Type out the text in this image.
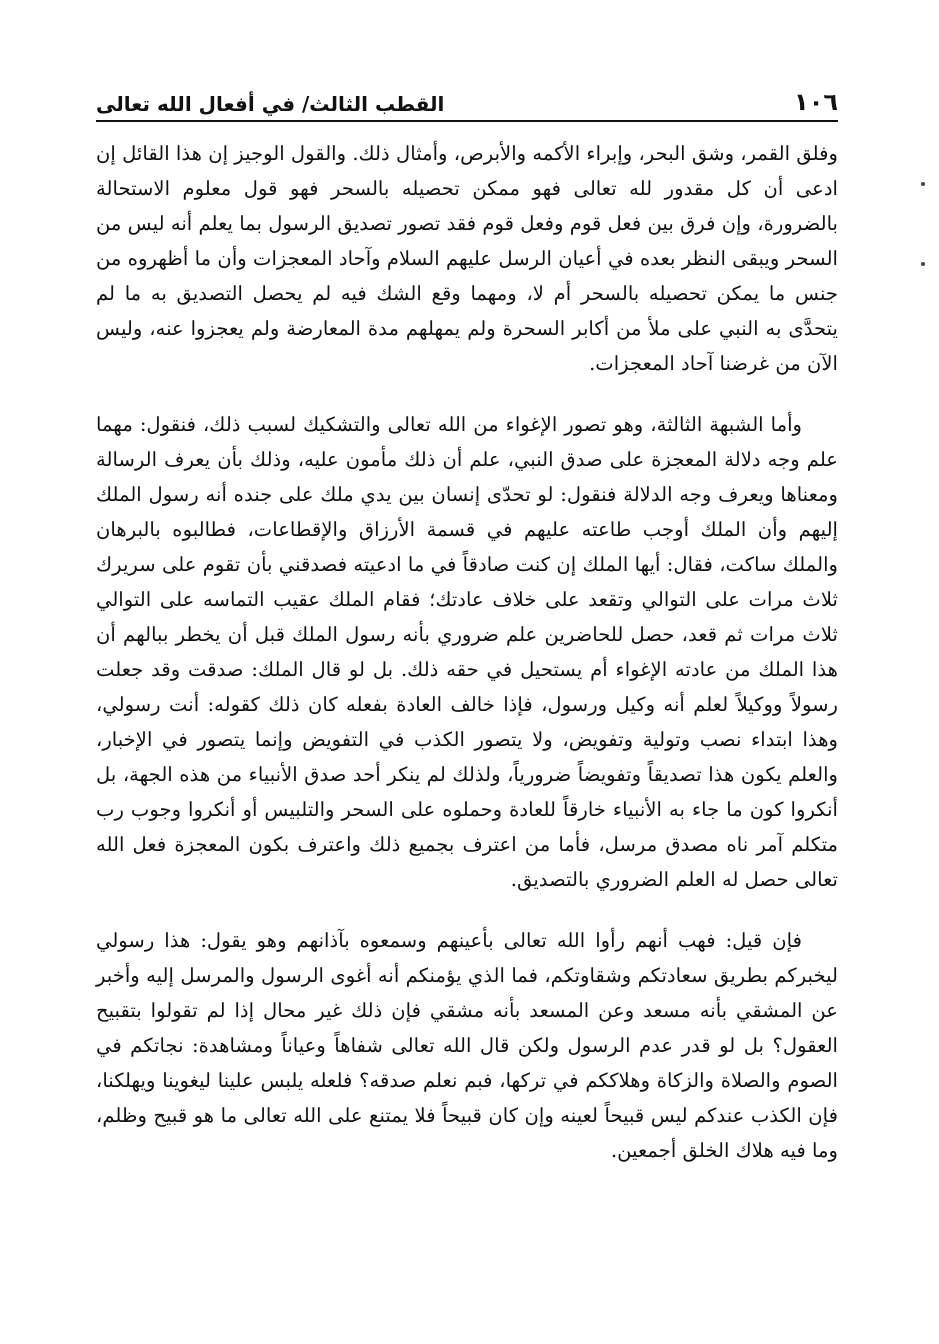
١٠٦
القطب الثالث/ في أفعال الله تعالى

وفلق القمر، وشق البحر، وإبراء الأكمه والأبرص، وأمثال ذلك. والقول الوجيز إن هذا القائل إن ادعى أن كل مقدور لله تعالى فهو ممكن تحصيله بالسحر فهو قول معلوم الاستحالة بالضرورة، وإن فرق بين فعل قوم وفعل قوم فقد تصور تصديق الرسول بما يعلم أنه ليس من السحر ويبقى النظر بعده في أعيان الرسل عليهم السلام وآحاد المعجزات وأن ما أظهروه من جنس ما يمكن تحصيله بالسحر أم لا، ومهما وقع الشك فيه لم يحصل التصديق به ما لم يتحدَّى به النبي على ملأ من أكابر السحرة ولم يمهلهم مدة المعارضة ولم يعجزوا عنه، وليس الآن من غرضنا آحاد المعجزات.

وأما الشبهة الثالثة، وهو تصور الإغواء من الله تعالى والتشكيك لسبب ذلك، فنقول: مهما علم وجه دلالة المعجزة على صدق النبي، علم أن ذلك مأمون عليه، وذلك بأن يعرف الرسالة ومعناها ويعرف وجه الدلالة فنقول: لو تحدّى إنسان بين يدي ملك على جنده أنه رسول الملك إليهم وأن الملك أوجب طاعته عليهم في قسمة الأرزاق والإقطاعات، فطالبوه بالبرهان والملك ساكت، فقال: أيها الملك إن كنت صادقاً في ما ادعيته فصدقني بأن تقوم على سريرك ثلاث مرات على التوالي وتقعد على خلاف عادتك؛ فقام الملك عقيب التماسه على التوالي ثلاث مرات ثم قعد، حصل للحاضرين علم ضروري بأنه رسول الملك قبل أن يخطر ببالهم أن هذا الملك من عادته الإغواء أم يستحيل في حقه ذلك. بل لو قال الملك: صدقت وقد جعلت رسولاً ووكيلاً لعلم أنه وكيل ورسول، فإذا خالف العادة بفعله كان ذلك كقوله: أنت رسولي، وهذا ابتداء نصب وتولية وتفويض، ولا يتصور الكذب في التفويض وإنما يتصور في الإخبار، والعلم يكون هذا تصديقاً وتفويضاً ضرورياً، ولذلك لم ينكر أحد صدق الأنبياء من هذه الجهة، بل أنكروا كون ما جاء به الأنبياء خارقاً للعادة وحملوه على السحر والتلبيس أو أنكروا وجوب رب متكلم آمر ناه مصدق مرسل، فأما من اعترف بجميع ذلك واعترف بكون المعجزة فعل الله تعالى حصل له العلم الضروري بالتصديق.

فإن قيل: فهب أنهم رأوا الله تعالى بأعينهم وسمعوه بآذانهم وهو يقول: هذا رسولي ليخبركم بطريق سعادتكم وشقاوتكم، فما الذي يؤمنكم أنه أغوى الرسول والمرسل إليه وأخبر عن المشقي بأنه مسعد وعن المسعد بأنه مشقي فإن ذلك غير محال إذا لم تقولوا بتقبيح العقول؟ بل لو قدر عدم الرسول ولكن قال الله تعالى شفاهاً وعياناً ومشاهدة: نجاتكم في الصوم والصلاة والزكاة وهلاككم في تركها، فبم نعلم صدقه؟ فلعله يلبس علينا ليغوينا ويهلكنا، فإن الكذب عندكم ليس قبيحاً لعينه وإن كان قبيحاً فلا يمتنع على الله تعالى ما هو قبيح وظلم، وما فيه هلاك الخلق أجمعين.
